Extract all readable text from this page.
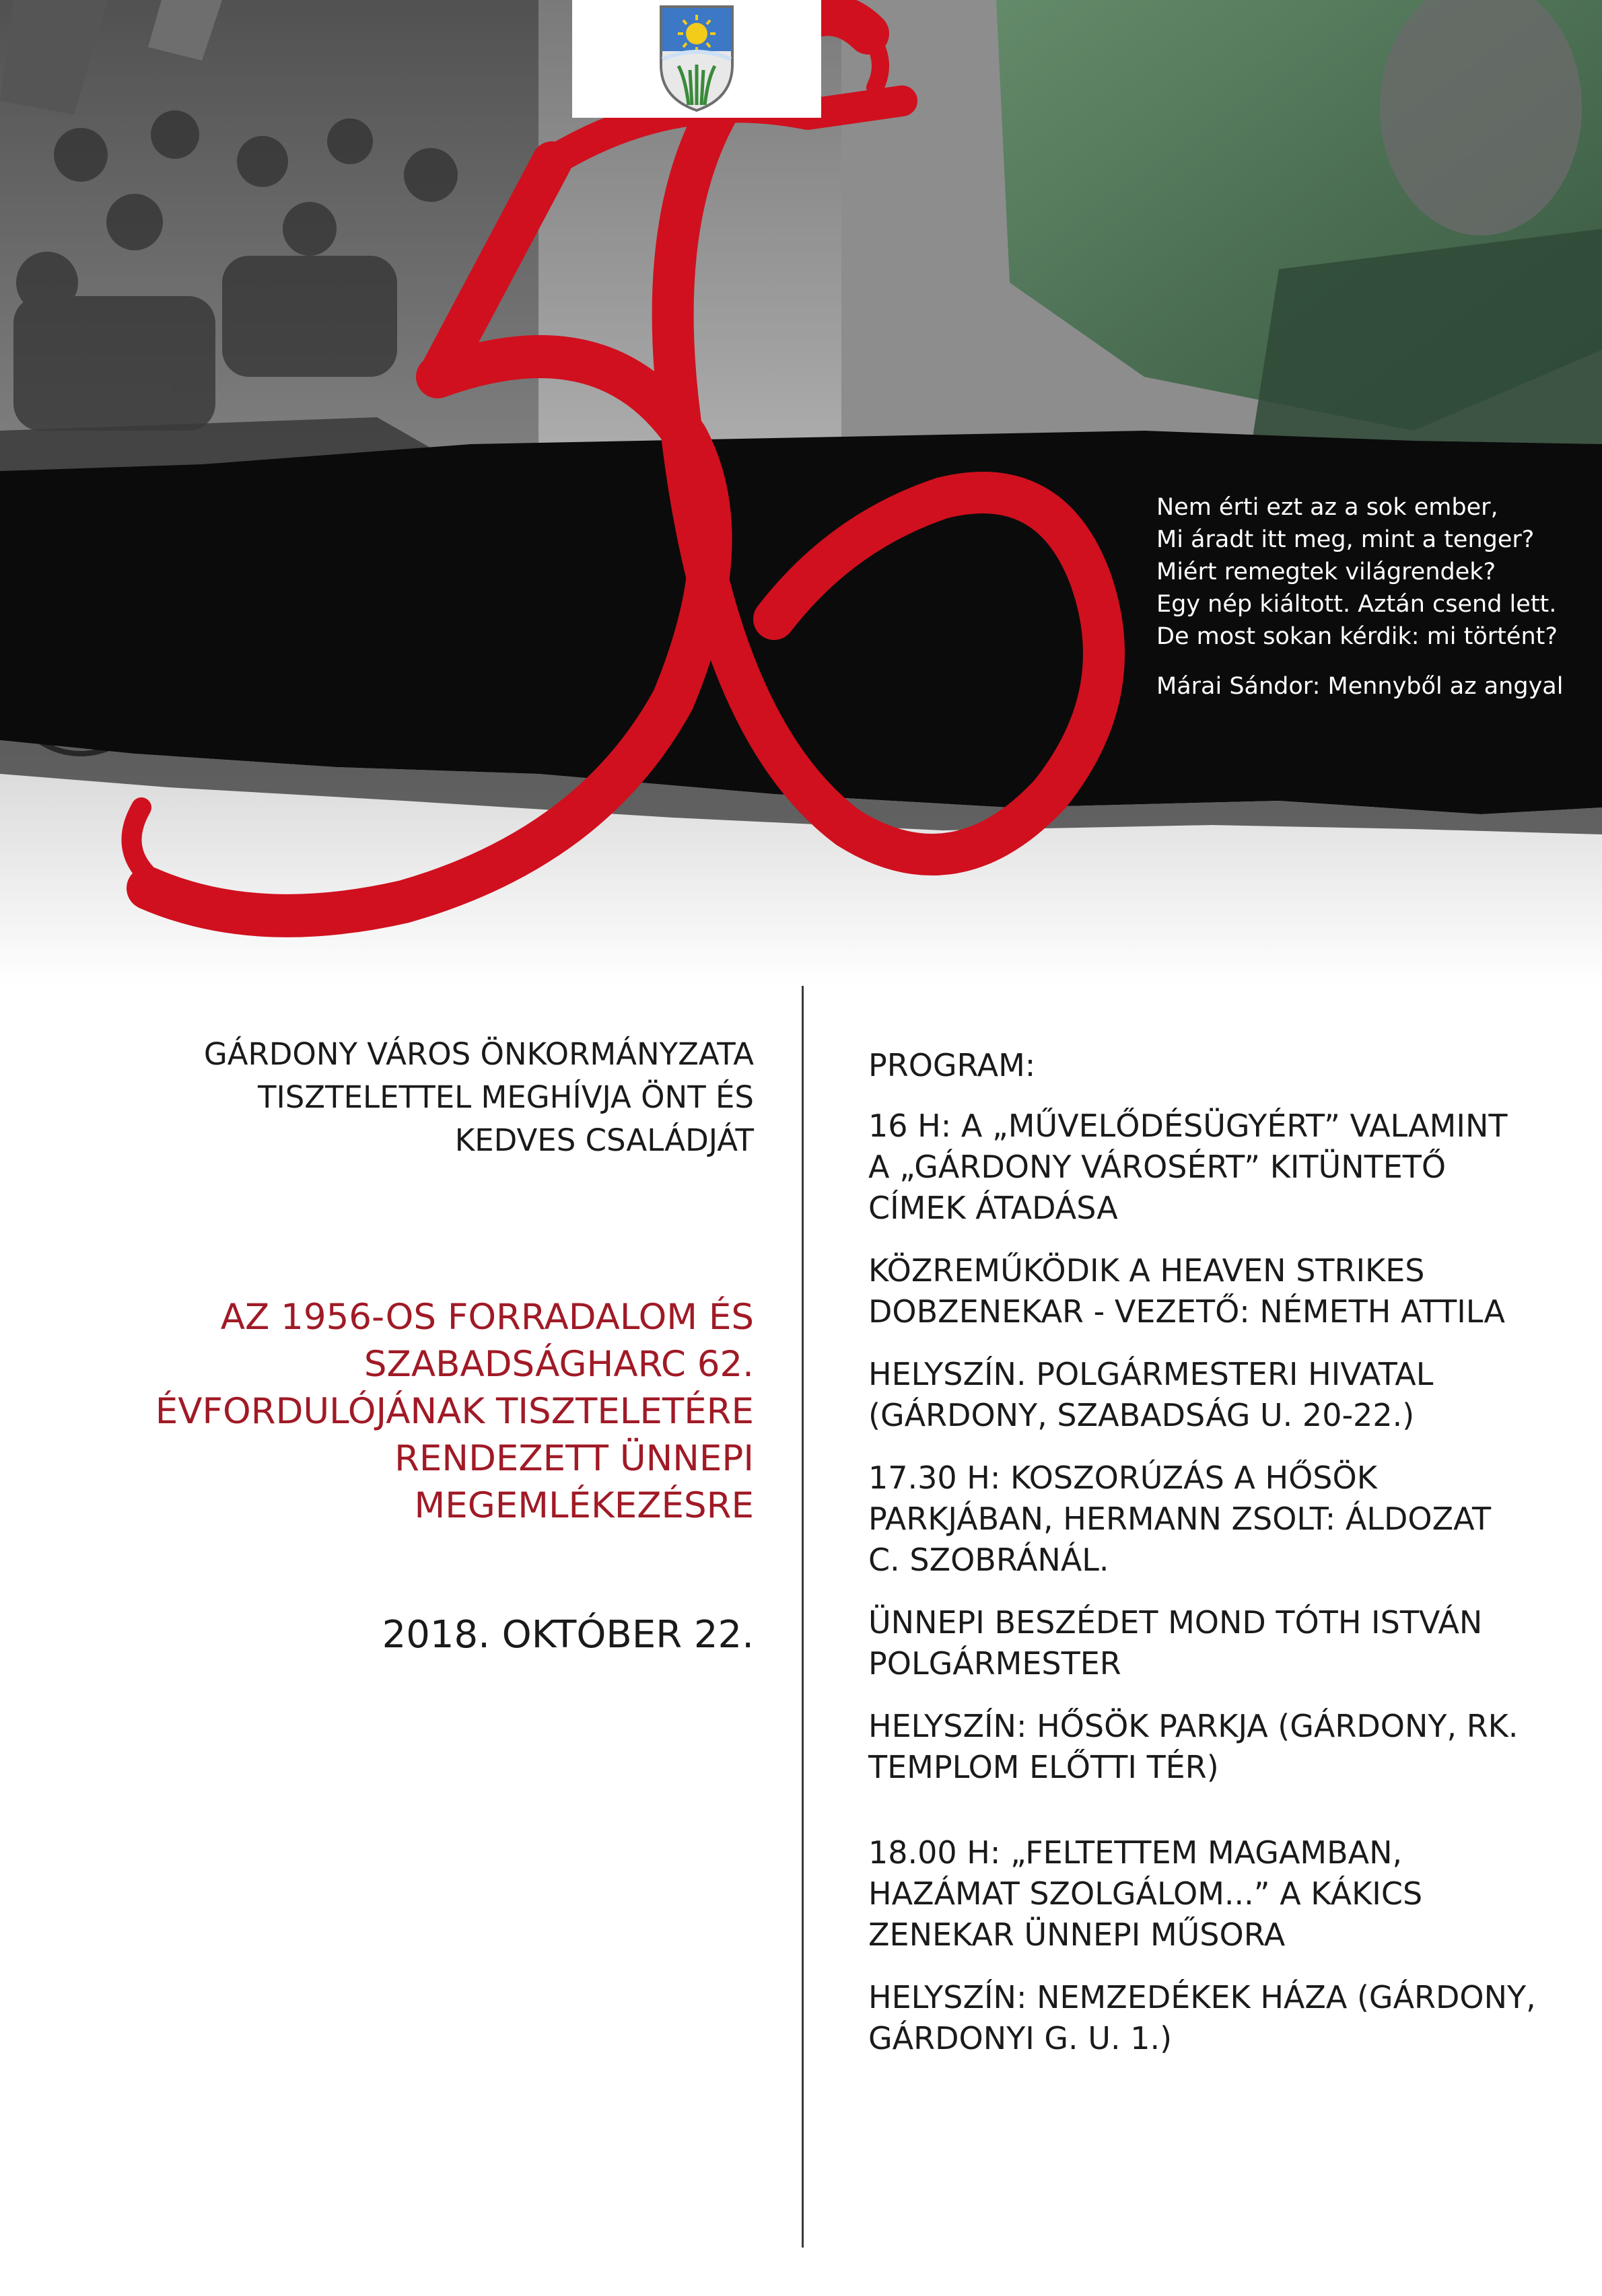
Nem érti ezt az a sok ember,
Mi áradt itt meg, mint a tenger?
Miért remegtek világrendek?
Egy nép kiáltott. Aztán csend lett.
De most sokan kérdik: mi történt?
Márai Sándor: Mennyből az angyal
GÁRDONY VÁROS ÖNKORMÁNYZATA
TISZTELETTEL MEGHÍVJA ÖNT ÉS
KEDVES CSALÁDJÁT
AZ 1956-OS FORRADALOM ÉS
SZABADSÁGHARC 62.
ÉVFORDULÓJÁNAK TISZTELETÉRE
RENDEZETT ÜNNEPI
MEGEMLÉKEZÉSRE
2018. OKTÓBER 22.
PROGRAM:
16 H: A „MŰVELŐDÉSÜGYÉRT” VALAMINT
A „GÁRDONY VÁROSÉRT” KITÜNTETŐ
CÍMEK ÁTADÁSA
KÖZREMŰKÖDIK A HEAVEN STRIKES
DOBZENEKAR - VEZETŐ: NÉMETH ATTILA
HELYSZÍN. POLGÁRMESTERI HIVATAL
(GÁRDONY, SZABADSÁG U. 20-22.)
17.30 H: KOSZORÚZÁS A HŐSÖK
PARKJÁBAN, HERMANN ZSOLT: ÁLDOZAT
C. SZOBRÁNÁL.
ÜNNEPI BESZÉDET MOND TÓTH ISTVÁN
POLGÁRMESTER
HELYSZÍN: HŐSÖK PARKJA (GÁRDONY, RK.
TEMPLOM ELŐTTI TÉR)
18.00 H: „FELTETTEM MAGAMBAN,
HAZÁMAT SZOLGÁLOM...” A KÁKICS
ZENEKAR ÜNNEPI MŰSORA
HELYSZÍN: NEMZEDÉKEK HÁZA (GÁRDONY,
GÁRDONYI G. U. 1.)
